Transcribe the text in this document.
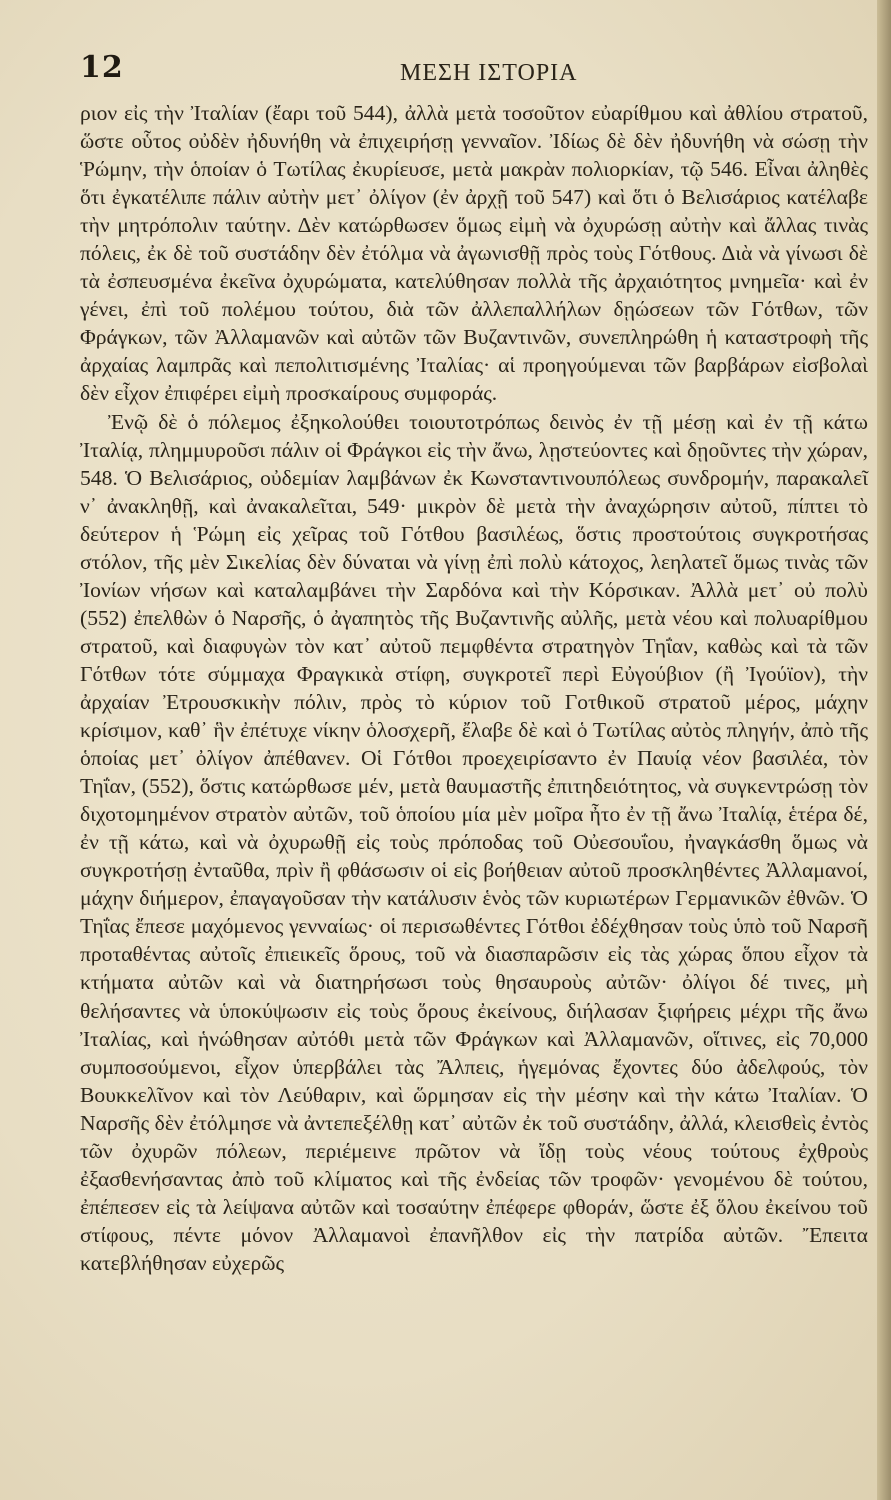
12	ΜΕΣΗ ΙΣΤΟΡΙΑ

ριον εἰς τὴν Ἰταλίαν (ἔαρι τοῦ 544), ἀλλὰ μετὰ τοσοῦτον εὐαρίθμου καὶ ἀθλίου στρατοῦ, ὥστε οὗτος οὐδὲν ἠδυνήθη νὰ ἐπιχειρήσῃ γενναῖον. Ἰδίως δὲ δὲν ἠδυνήθη νὰ σώσῃ τὴν Ῥώμην, τὴν ὁποίαν ὁ Τωτίλας ἐκυρίευσε, μετὰ μακρὰν πολιορκίαν, τῷ 546. Εἶναι ἀληθὲς ὅτι ἐγκατέλιπε πάλιν αὐτὴν μετ᾽ ὀλίγον (ἐν ἀρχῇ τοῦ 547) καὶ ὅτι ὁ Βελισάριος κατέλαβε τὴν μητρόπολιν ταύτην. Δὲν κατώρθωσεν ὅμως εἰμὴ νὰ ὀχυρώσῃ αὐτὴν καὶ ἄλλας τινὰς πόλεις, ἐκ δὲ τοῦ συστάδην δὲν ἐτόλμα νὰ ἀγωνισθῇ πρὸς τοὺς Γότθους. Διὰ νὰ γίνωσι δὲ τὰ ἐσπευσμένα ἐκεῖνα ὀχυρώματα, κατελύθησαν πολλὰ τῆς ἀρχαιότητος μνημεῖα· καὶ ἐν γένει, ἐπὶ τοῦ πολέμου τούτου, διὰ τῶν ἀλλεπαλλήλων δῃώσεων τῶν Γότθων, τῶν Φράγκων, τῶν Ἀλλαμανῶν καὶ αὐτῶν τῶν Βυζαντινῶν, συνεπληρώθη ἡ καταστροφὴ τῆς ἀρχαίας λαμπρᾶς καὶ πεπολιτισμένης Ἰταλίας· αἱ προηγούμεναι τῶν βαρβάρων εἰσβολαὶ δὲν εἶχον ἐπιφέρει εἰμὴ προσκαίρους συμφοράς.

Ἐνῷ δὲ ὁ πόλεμος ἐξηκολούθει τοιουτοτρόπως δεινὸς ἐν τῇ μέσῃ καὶ ἐν τῇ κάτω Ἰταλίᾳ, πλημμυροῦσι πάλιν οἱ Φράγκοι εἰς τὴν ἄνω, λῃστεύοντες καὶ δῃοῦντες τὴν χώραν, 548. Ὁ Βελισάριος, οὐδεμίαν λαμβάνων ἐκ Κωνσταντινουπόλεως συνδρομήν, παρακαλεῖ ν᾽ ἀνακληθῇ, καὶ ἀνακαλεῖται, 549· μικρὸν δὲ μετὰ τὴν ἀναχώρησιν αὐτοῦ, πίπτει τὸ δεύτερον ἡ Ῥώμη εἰς χεῖρας τοῦ Γότθου βασιλέως, ὅστις προστούτοις συγκροτήσας στόλον, τῆς μὲν Σικελίας δὲν δύναται νὰ γίνῃ ἐπὶ πολὺ κάτοχος, λεηλατεῖ ὅμως τινὰς τῶν Ἰονίων νήσων καὶ καταλαμβάνει τὴν Σαρδόνα καὶ τὴν Κόρσικαν. Ἀλλὰ μετ᾽ οὐ πολὺ (552) ἐπελθὼν ὁ Ναρσῆς, ὁ ἀγαπητὸς τῆς Βυζαντινῆς αὐλῆς, μετὰ νέου καὶ πολυαρίθμου στρατοῦ, καὶ διαφυγὼν τὸν κατ᾽ αὐτοῦ πεμφθέντα στρατηγὸν Τηΐαν, καθὼς καὶ τὰ τῶν Γότθων τότε σύμμαχα Φραγκικὰ στίφη, συγκροτεῖ περὶ Εὐγούβιον (ἢ Ἰγούϊον), τὴν ἀρχαίαν Ἐτρουσκικὴν πόλιν, πρὸς τὸ κύριον τοῦ Γοτθικοῦ στρατοῦ μέρος, μάχην κρίσιμον, καθ᾽ ἣν ἐπέτυχε νίκην ὁλοσχερῆ, ἔλαβε δὲ καὶ ὁ Τωτίλας αὐτὸς πληγήν, ἀπὸ τῆς ὁποίας μετ᾽ ὀλίγον ἀπέθανεν. Οἱ Γότθοι προεχειρίσαντο ἐν Παυίᾳ νέον βασιλέα, τὸν Τηΐαν, (552), ὅστις κατώρθωσε μέν, μετὰ θαυμαστῆς ἐπιτηδειότητος, νὰ συγκεντρώσῃ τὸν διχοτομημένον στρατὸν αὐτῶν, τοῦ ὁποίου μία μὲν μοῖρα ἦτο ἐν τῇ ἄνω Ἰταλίᾳ, ἑτέρα δέ, ἐν τῇ κάτω, καὶ νὰ ὀχυρωθῇ εἰς τοὺς πρόποδας τοῦ Οὐεσουΐου, ἠναγκάσθη ὅμως νὰ συγκροτήσῃ ἐνταῦθα, πρὶν ἢ φθάσωσιν οἱ εἰς βοήθειαν αὐτοῦ προσκληθέντες Ἀλλαμανοί, μάχην διήμερον, ἐπαγαγοῦσαν τὴν κατάλυσιν ἑνὸς τῶν κυριωτέρων Γερμανικῶν ἐθνῶν. Ὁ Τηΐας ἔπεσε μαχόμενος γενναίως· οἱ περισωθέντες Γότθοι ἐδέχθησαν τοὺς ὑπὸ τοῦ Ναρσῆ προταθέντας αὐτοῖς ἐπιεικεῖς ὅρους, τοῦ νὰ διασπαρῶσιν εἰς τὰς χώρας ὅπου εἶχον τὰ κτήματα αὐτῶν καὶ νὰ διατηρήσωσι τοὺς θησαυροὺς αὐτῶν· ὀλίγοι δέ τινες, μὴ θελήσαντες νὰ ὑποκύψωσιν εἰς τοὺς ὅρους ἐκείνους, διήλασαν ξιφήρεις μέχρι τῆς ἄνω Ἰταλίας, καὶ ἡνώθησαν αὐτόθι μετὰ τῶν Φράγκων καὶ Ἀλλαμανῶν, οἵτινες, εἰς 70,000 συμποσούμενοι, εἶχον ὑπερβάλει τὰς Ἄλπεις, ἡγεμόνας ἔχοντες δύο ἀδελφούς, τὸν Βουκκελῖνον καὶ τὸν Λεύθαριν, καὶ ὥρμησαν εἰς τὴν μέσην καὶ τὴν κάτω Ἰταλίαν. Ὁ Ναρσῆς δὲν ἐτόλμησε νὰ ἀντεπεξέλθῃ κατ᾽ αὐτῶν ἐκ τοῦ συστάδην, ἀλλά, κλεισθεὶς ἐντὸς τῶν ὀχυρῶν πόλεων, περιέμεινε πρῶτον νὰ ἴδῃ τοὺς νέους τούτους ἐχθροὺς ἐξασθενήσαντας ἀπὸ τοῦ κλίματος καὶ τῆς ἐνδείας τῶν τροφῶν· γενομένου δὲ τούτου, ἐπέπεσεν εἰς τὰ λείψανα αὐτῶν καὶ τοσαύτην ἐπέφερε φθοράν, ὥστε ἐξ ὅλου ἐκείνου τοῦ στίφους, πέντε μόνον Ἀλλαμανοὶ ἐπανῆλθον εἰς τὴν πατρίδα αὐτῶν. Ἔπειτα κατεβλήθησαν εὐχερῶς
